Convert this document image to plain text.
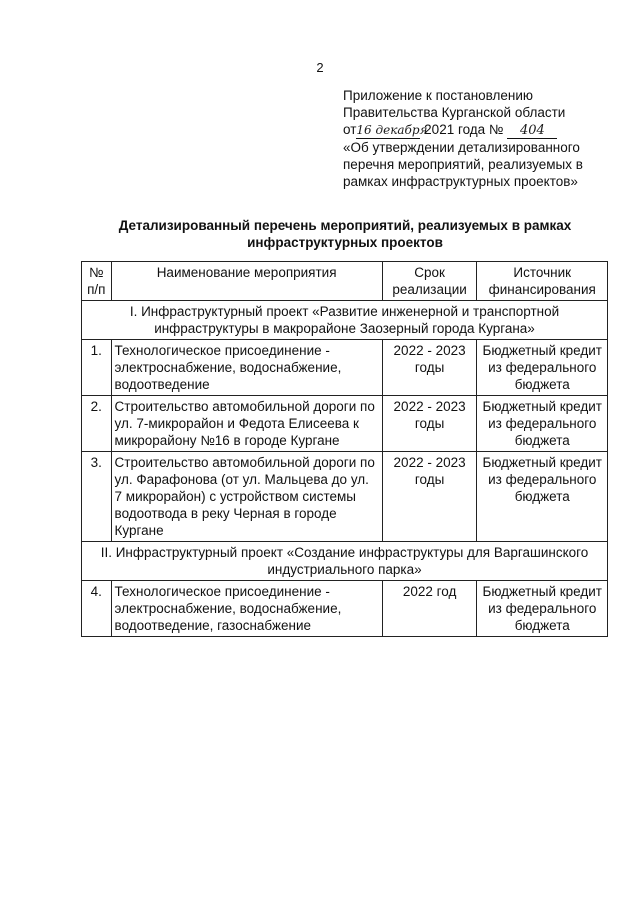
2
Приложение к постановлению
Правительства Курганской области
от16 декабря 2021 года № 404
«Об утверждении детализированного
перечня мероприятий, реализуемых в
рамках инфраструктурных проектов»
Детализированный перечень мероприятий, реализуемых в рамках
инфраструктурных проектов
№ п/п	Наименование мероприятия	Срок реализации	Источник финансирования
I. Инфраструктурный проект «Развитие инженерной и транспортной инфраструктуры в макрорайоне Заозерный города Кургана»			
1.	Технологическое присоединение - электроснабжение, водоснабжение, водоотведение	2022 - 2023 годы	Бюджетный кредит из федерального бюджета
2.	Строительство автомобильной дороги по ул. 7-микрорайон и Федота Елисеева к микрорайону №16 в городе Кургане	2022 - 2023 годы	Бюджетный кредит из федерального бюджета
3.	Строительство автомобильной дороги по ул. Фарафонова (от ул. Мальцева до ул. 7 микрорайон) с устройством системы водоотвода в реку Черная в городе Кургане	2022 - 2023 годы	Бюджетный кредит из федерального бюджета
II. Инфраструктурный проект «Создание инфраструктуры для Варгашинского индустриального парка»			
4.	Технологическое присоединение - электроснабжение, водоснабжение, водоотведение, газоснабжение	2022 год	Бюджетный кредит из федерального бюджета
